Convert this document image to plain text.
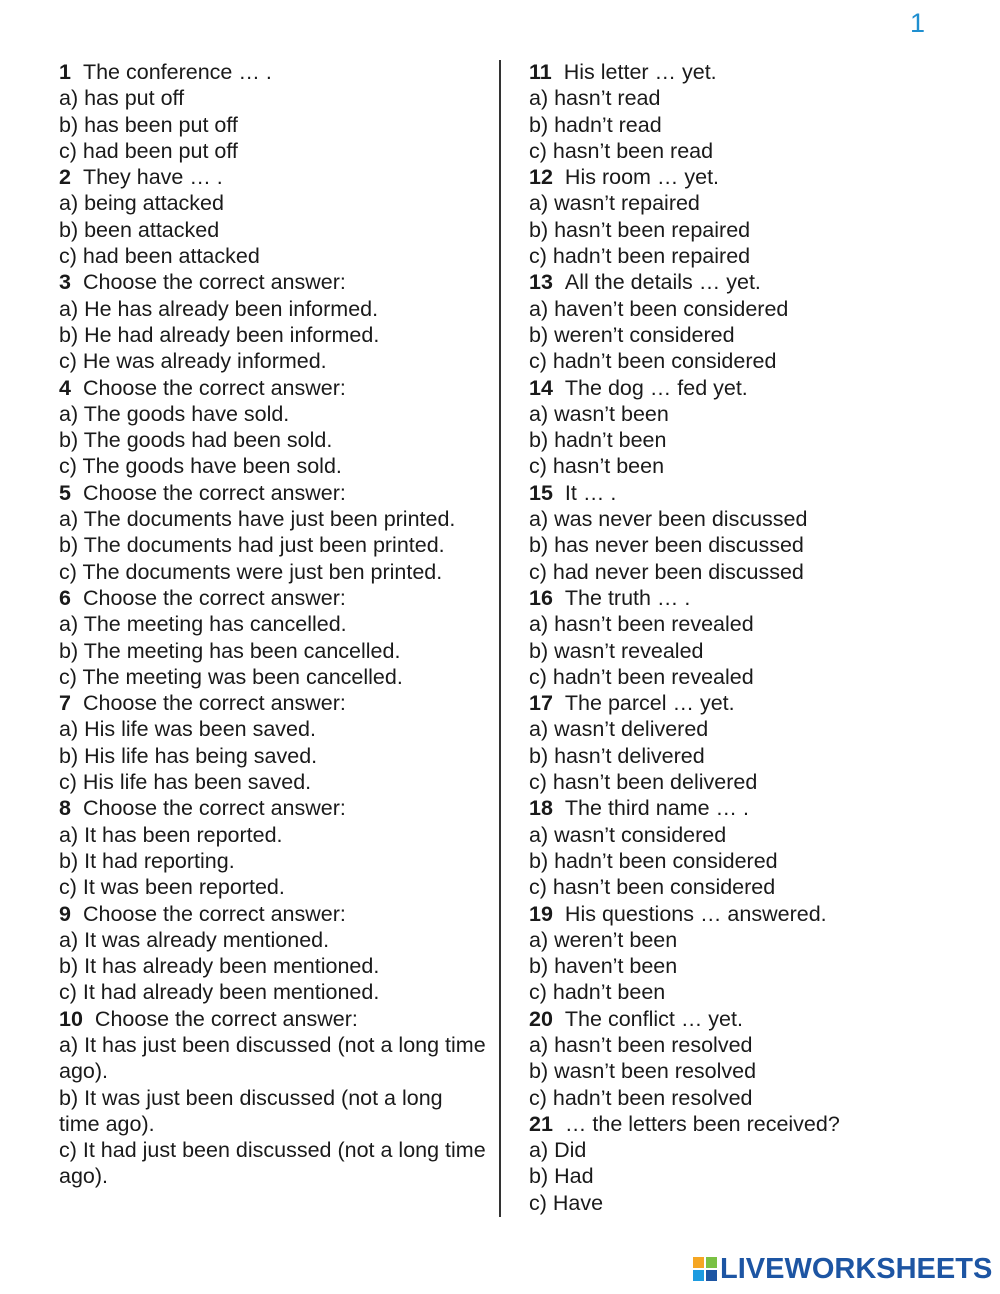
1
1 The conference … .
a) has put off
b) has been put off
c) had been put off
2 They have … .
a) being attacked
b) been attacked
c) had been attacked
3 Choose the correct answer:
a) He has already been informed.
b) He had already been informed.
c) He was already informed.
4 Choose the correct answer:
a) The goods have sold.
b) The goods had been sold.
c) The goods have been sold.
5 Choose the correct answer:
a) The documents have just been printed.
b) The documents had just been printed.
c) The documents were just ben printed.
6 Choose the correct answer:
a) The meeting has cancelled.
b) The meeting has been cancelled.
c) The meeting was been cancelled.
7 Choose the correct answer:
a) His life was been saved.
b) His life has being saved.
c) His life has been saved.
8 Choose the correct answer:
a) It has been reported.
b) It had reporting.
c) It was been reported.
9 Choose the correct answer:
a) It was already mentioned.
b) It has already been mentioned.
c) It had already been mentioned.
10 Choose the correct answer:
a) It has just been discussed (not a long time ago).
b) It was just been discussed (not a long time ago).
c) It had just been discussed (not a long time ago).
11 His letter … yet.
a) hasn’t read
b) hadn’t read
c) hasn’t been read
12 His room … yet.
a) wasn’t repaired
b) hasn’t been repaired
c) hadn’t been repaired
13 All the details … yet.
a) haven’t been considered
b) weren’t considered
c) hadn’t been considered
14 The dog … fed yet.
a) wasn’t been
b) hadn’t been
c) hasn’t been
15 It … .
a) was never been discussed
b) has never been discussed
c) had never been discussed
16 The truth … .
a) hasn’t been revealed
b) wasn’t revealed
c) hadn’t been revealed
17 The parcel … yet.
a) wasn’t delivered
b) hasn’t delivered
c) hasn’t been delivered
18 The third name … .
a) wasn’t considered
b) hadn’t been considered
c) hasn’t been considered
19 His questions … answered.
a) weren’t been
b) haven’t been
c) hadn’t been
20 The conflict … yet.
a) hasn’t been resolved
b) wasn’t been resolved
c) hadn’t been resolved
21 … the letters been received?
a) Did
b) Had
c) Have
LIVEWORKSHEETS
